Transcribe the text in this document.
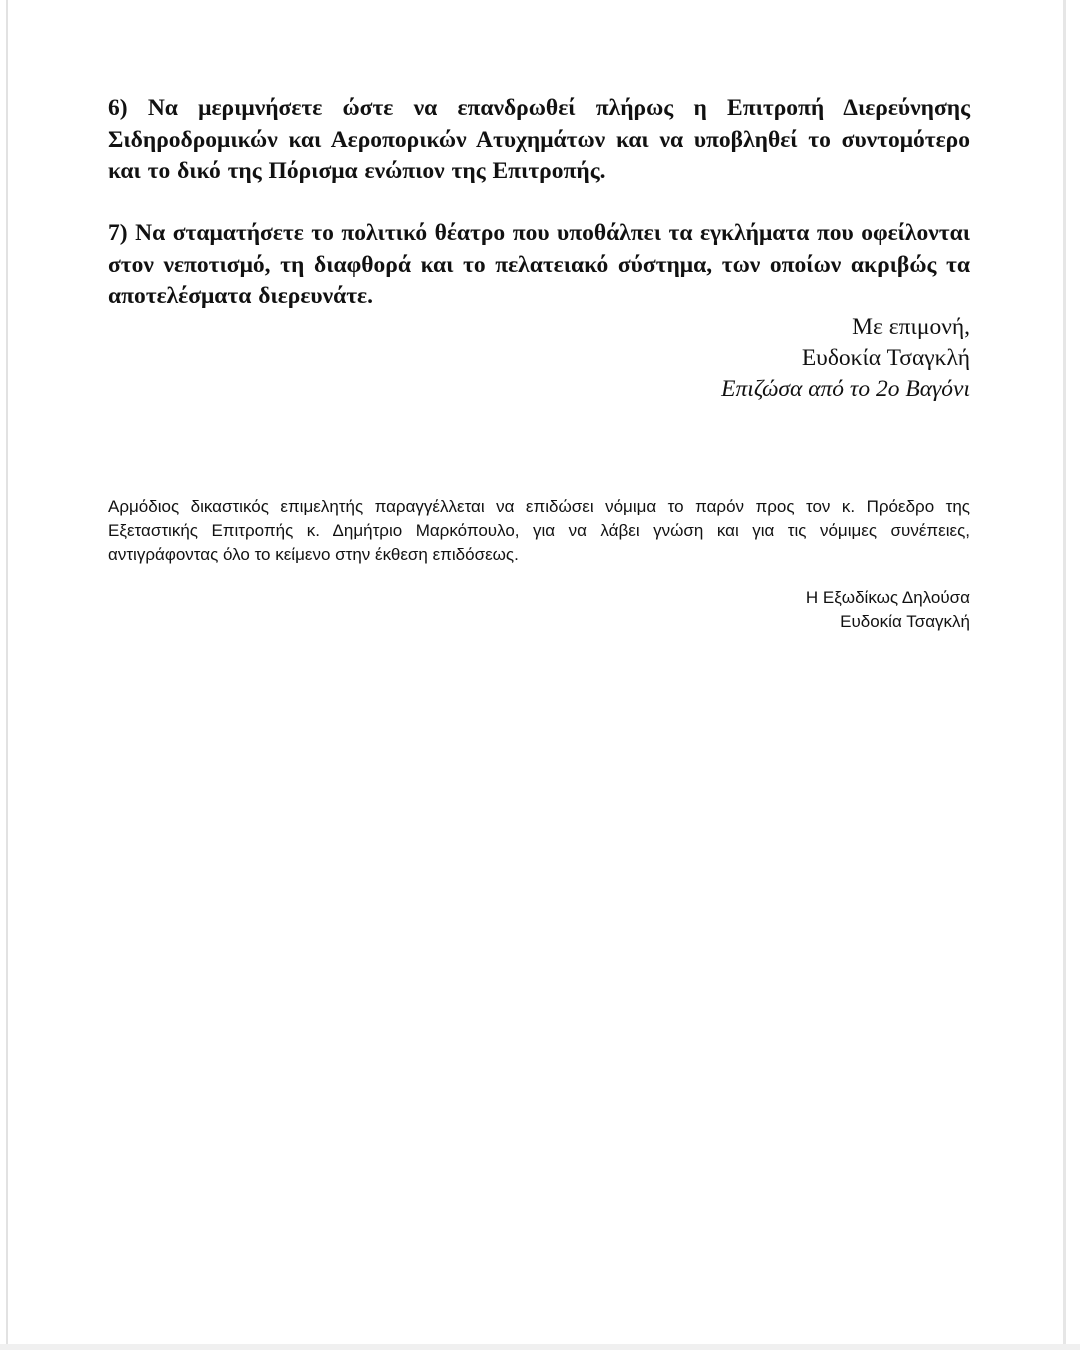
6) Να μεριμνήσετε ώστε να επανδρωθεί πλήρως η Επιτροπή Διερεύνησης Σιδηροδρομικών και Αεροπορικών Ατυχημάτων και να υποβληθεί το συντομότερο και το δικό της Πόρισμα ενώπιον της Επιτροπής.

7) Να σταματήσετε το πολιτικό θέατρο που υποθάλπει τα εγκλήματα που οφείλονται στον νεποτισμό, τη διαφθορά και το πελατειακό σύστημα, των οποίων ακριβώς τα αποτελέσματα διερευνάτε.

Με επιμονή,
Ευδοκία Τσαγκλή
Επιζώσα από το 2ο Βαγόνι

Αρμόδιος δικαστικός επιμελητής παραγγέλλεται να επιδώσει νόμιμα το παρόν προς τον κ. Πρόεδρο της Εξεταστικής Επιτροπής κ. Δημήτριο Μαρκόπουλο, για να λάβει γνώση και για τις νόμιμες συνέπειες, αντιγράφοντας όλο το κείμενο στην έκθεση επιδόσεως.

Η Εξωδίκως Δηλούσα
Ευδοκία Τσαγκλή
